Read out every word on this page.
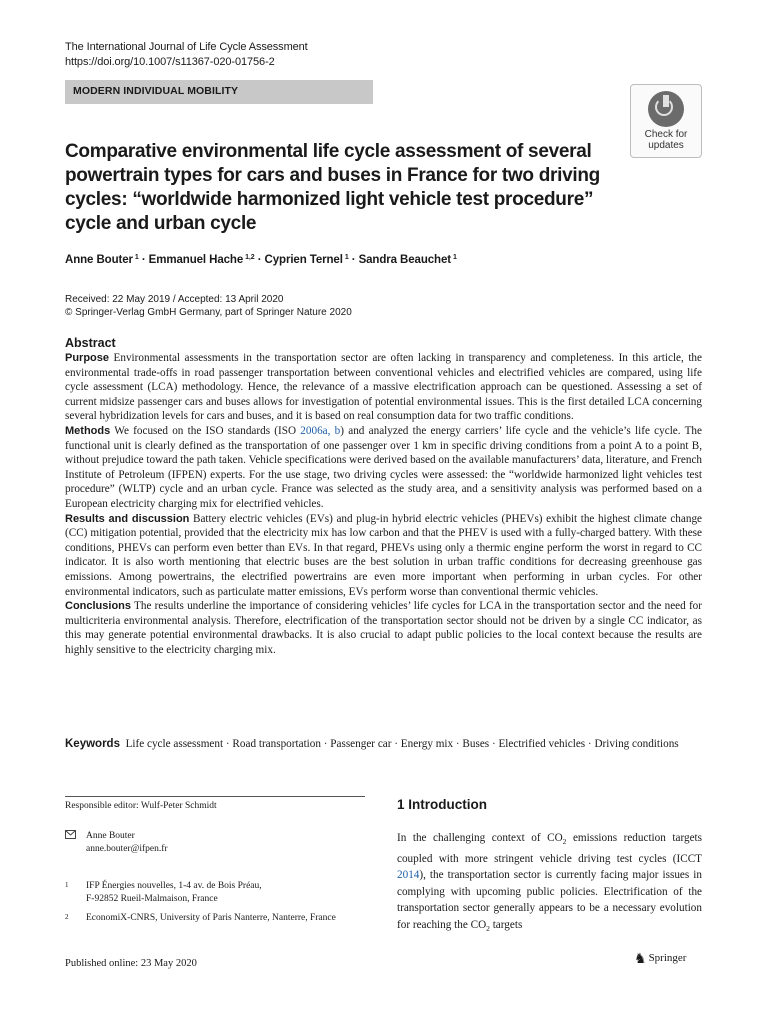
The International Journal of Life Cycle Assessment
https://doi.org/10.1007/s11367-020-01756-2
MODERN INDIVIDUAL MOBILITY
Check for
updates
Comparative environmental life cycle assessment of several powertrain types for cars and buses in France for two driving cycles: “worldwide harmonized light vehicle test procedure” cycle and urban cycle
Anne Bouter $^1$ · Emmanuel Hache $^{1,2}$ · Cyprien Ternel $^1$ · Sandra Beauchet $^1$
Received: 22 May 2019 / Accepted: 13 April 2020
© Springer-Verlag GmbH Germany, part of Springer Nature 2020
Abstract

Purpose Environmental assessments in the transportation sector are often lacking in transparency and completeness. In this article, the environmental trade-offs in road passenger transportation between conventional vehicles and electrified vehicles are compared, using life cycle assessment (LCA) methodology. Hence, the relevance of a massive electrification approach can be questioned. Assessing a set of current midsize passenger cars and buses allows for investigation of potential environmental issues. This is the first detailed LCA concerning several hybridization levels for cars and buses, and it is based on real consumption data for two traffic conditions.

Methods We focused on the ISO standards (ISO 2006a, b) and analyzed the energy carriers’ life cycle and the vehicle’s life cycle. The functional unit is clearly defined as the transportation of one passenger over 1 km in specific driving conditions from a point A to a point B, without prejudice toward the path taken. Vehicle specifications were derived based on the available manufacturers’ data, literature, and French Institute of Petroleum (IFPEN) experts. For the use stage, two driving cycles were assessed: the “worldwide harmonized light vehicles test procedure” (WLTP) cycle and an urban cycle. France was selected as the study area, and a sensitivity analysis was performed based on a European electricity charging mix for electrified vehicles.

Results and discussion Battery electric vehicles (EVs) and plug-in hybrid electric vehicles (PHEVs) exhibit the highest climate change (CC) mitigation potential, provided that the electricity mix has low carbon and that the PHEV is used with a fully-charged battery. With these conditions, PHEVs can perform even better than EVs. In that regard, PHEVs using only a thermic engine perform the worst in regard to CC indicator. It is also worth mentioning that electric buses are the best solution in urban traffic conditions for decreasing greenhouse gas emissions. Among powertrains, the electrified powertrains are even more important when performing in urban cycles. For other environmental indicators, such as particulate matter emissions, EVs perform worse than conventional thermic vehicles.

Conclusions The results underline the importance of considering vehicles’ life cycles for LCA in the transportation sector and the need for multicriteria environmental analysis. Therefore, electrification of the transportation sector should not be driven by a single CC indicator, as this may generate potential environmental drawbacks. It is also crucial to adapt public policies to the local context because the results are highly sensitive to the electricity charging mix.

Keywords Life cycle assessment · Road transportation · Passenger car · Energy mix · Buses · Electrified vehicles · Driving conditions
Responsible editor: Wulf-Peter Schmidt
Anne Bouter
anne.bouter@ifpen.fr
1 IFP Énergies nouvelles, 1-4 av. de Bois Préau,
F-92852 Rueil-Malmaison, France
2 EconomiX-CNRS, University of Paris Nanterre, Nanterre, France
1 Introduction
In the challenging context of $CO_2$ emissions reduction targets coupled with more stringent vehicle driving test cycles (ICCT 2014), the transportation sector is currently facing major issues in complying with upcoming public policies. Electrification of the transportation sector generally appears to be a necessary evolution for reaching the $CO_2$ targets
Published online: 23 May 2020	♞ Springer
